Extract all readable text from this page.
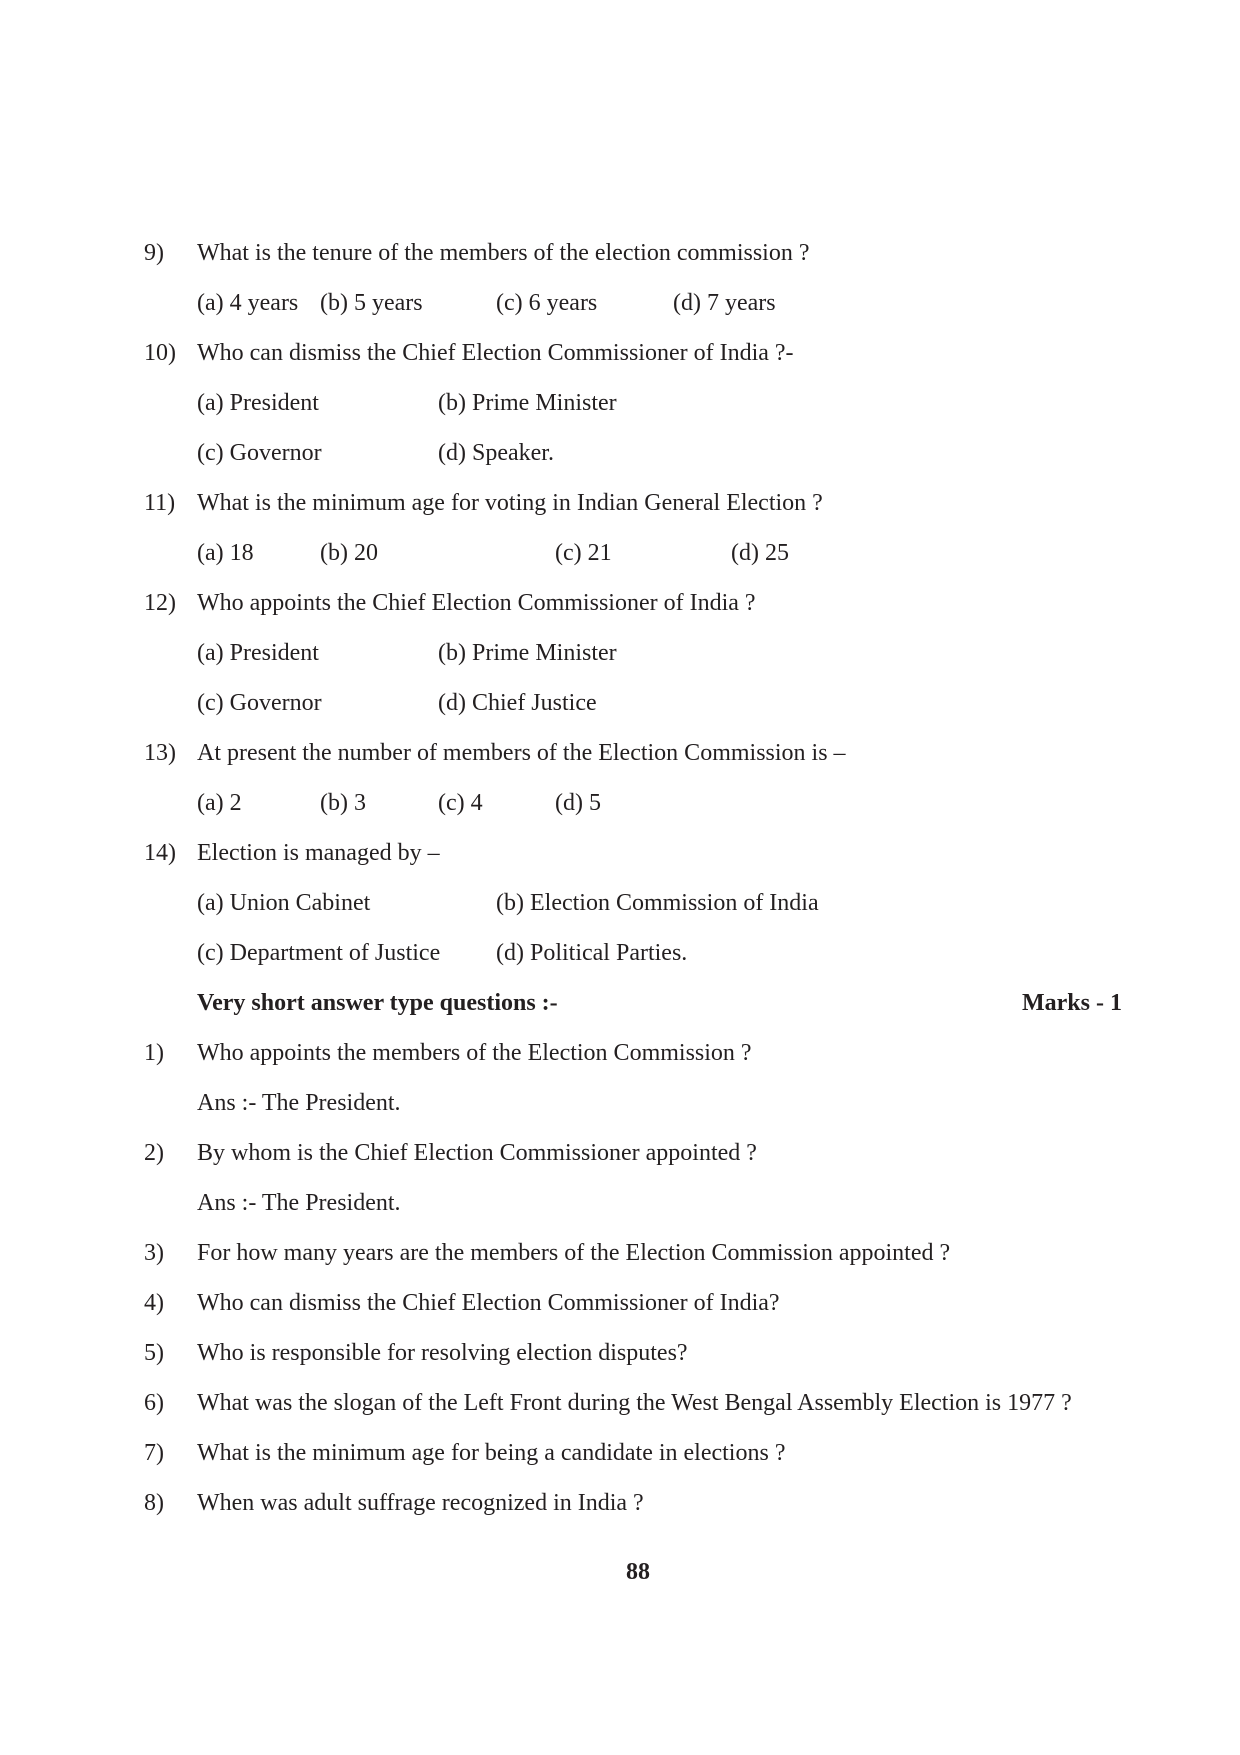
9) What is the tenure of the members of the election commission ?
(a) 4 years (b) 5 years	(c) 6 years	(d) 7 years
10) Who can dismiss the Chief Election Commissioner of India ?-
(a) President	(b) Prime Minister
(c) Governor	(d) Speaker.
11) What is the minimum age for voting in Indian General Election ?
(a) 18	(b) 20	(c) 21	(d) 25
12) Who appoints the Chief Election Commissioner of India ?
(a) President	(b) Prime Minister
(c) Governor	(d) Chief Justice
13) At present the number of members of the Election Commission is –
(a) 2	(b) 3	(c) 4	(d) 5
14) Election is managed by –
(a) Union Cabinet	(b) Election Commission of India
(c) Department of Justice (d) Political Parties.
Very short answer type questions :-	Marks - 1
1) Who appoints the members of the Election Commission ?
Ans :- The President.
2) By whom is the Chief Election Commissioner appointed ?
Ans :- The President.
3) For how many years are the members of the Election Commission appointed ?
4) Who can dismiss the Chief Election Commissioner of India?
5) Who is responsible for resolving election disputes?
6) What was the slogan of the Left Front during the West Bengal Assembly Election is 1977 ?
7) What is the minimum age for being a candidate in elections ?
8) When was adult suffrage recognized in India ?
88
